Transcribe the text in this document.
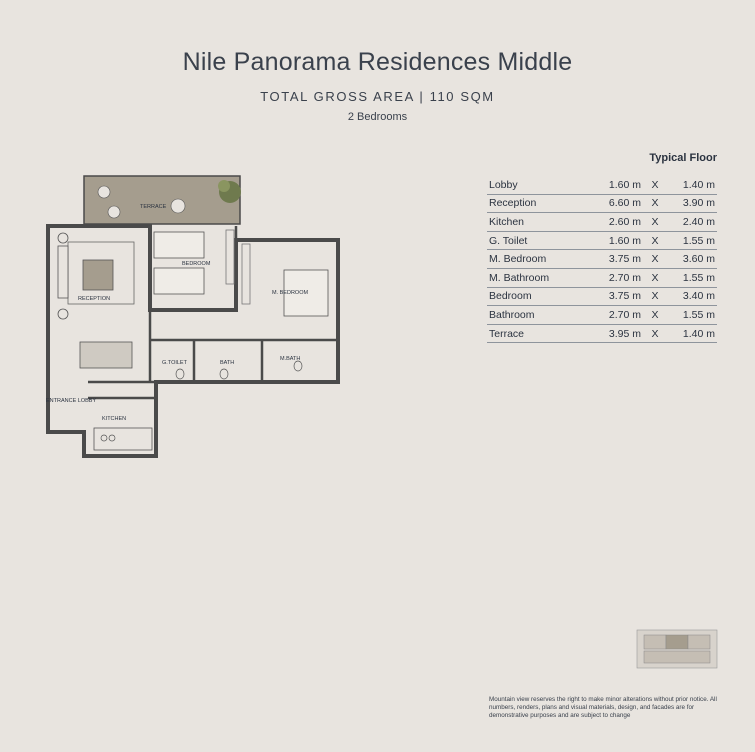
Nile Panorama Residences Middle
TOTAL GROSS AREA | 110 SQM
2 Bedrooms
Typical Floor
Lobby	1.60 m	X	1.40 m
Reception	6.60 m	X	3.90 m
Kitchen	2.60 m	X	2.40 m
G. Toilet	1.60 m	X	1.55 m
M. Bedroom	3.75 m	X	3.60 m
M. Bathroom	2.70 m	X	1.55 m
Bedroom	3.75 m	X	3.40 m
Bathroom	2.70 m	X	1.55 m
Terrace	3.95 m	X	1.40 m
TERRACE
RECEPTION
BEDROOM
M. BEDROOM
G.TOILET	BATH
M.BATH
ENTRANCE LOBBY
KITCHEN
Mountain view reserves the right to make minor alterations without prior notice. All numbers, renders, plans and visual materials, design, and facades are for demonstrative purposes and are subject to change
